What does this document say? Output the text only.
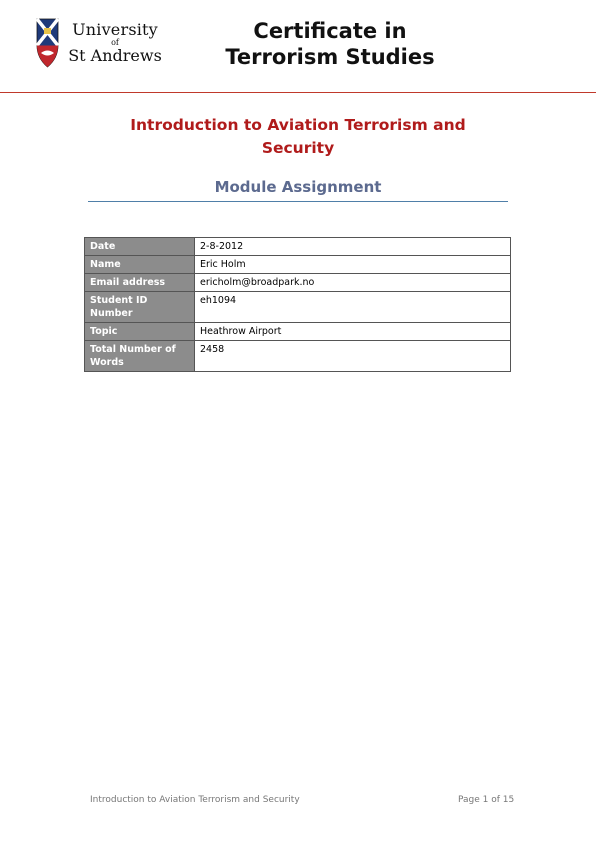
University
of
St Andrews
Certificate in
Terrorism Studies
Introduction to Aviation Terrorism and
Security
Module Assignment
Date	2-8-2012
Name	Eric Holm
Email address	ericholm@broadpark.no
Student ID Number	eh1094
Topic	Heathrow Airport
Total Number of Words	2458
Introduction to Aviation Terrorism and Security	Page 1 of 15
